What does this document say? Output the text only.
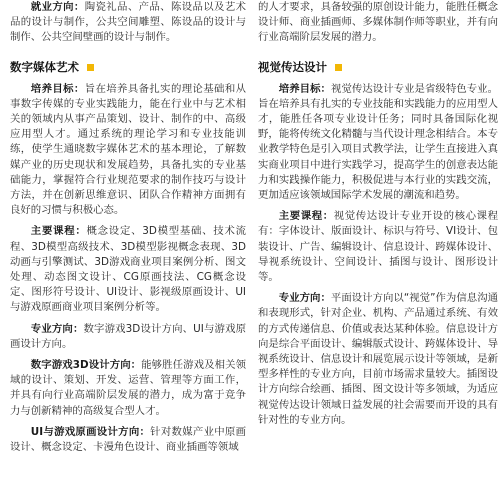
就业方向：陶瓷礼品、产品、陈设品以及艺术品的设计与制作，公共空间雕塑、陈设品的设计与制作、公共空间壁画的设计与制作。

数字媒体艺术

培养目标：旨在培养具备扎实的理论基础和从事数字传媒的专业实践能力，能在行业中与艺术相关的领域内从事产品策划、设计、制作的中、高级应用型人才。通过系统的理论学习和专业技能训练，使学生通晓数字媒体艺术的基本理论，了解数媒产业的历史现状和发展趋势，具备扎实的专业基础能力，掌握符合行业规范要求的制作技巧与设计方法，并在创新思维意识、团队合作精神方面拥有良好的习惯与积极心态。

主要课程：概念设定、3D模型基础、技术流程、3D模型高级技术、3D模型影视概念表现、3D动画与引擎测试、3D游戏商业项目案例分析、图文处理、动态图文设计、CG原画技法、CG概念设定、图形符号设计、UI设计、影视级原画设计、UI与游戏原画商业项目案例分析等。

专业方向：数字游戏3D设计方向、UI与游戏原画设计方向。

数字游戏3D设计方向：能够胜任游戏及相关领域的设计、策划、开发、运营、管理等方面工作，并具有向行业高端阶层发展的潜力，成为富于竞争力与创新精神的高级复合型人才。

UI与游戏原画设计方向：针对数媒产业中原画设计、概念设定、卡漫角色设计、商业插画等领域

的人才要求，具备较强的原创设计能力，能胜任概念设计师、商业插画师、多媒体制作师等职业，并有向行业高端阶层发展的潜力。

视觉传达设计

培养目标：视觉传达设计专业是省级特色专业。旨在培养具有扎实的专业技能和实践能力的应用型人才，能胜任各项专业设计任务；同时具备国际化视野，能将传统文化精髓与当代设计理念相结合。本专业教学特色是引入项目式教学法，让学生直接进入真实商业项目中进行实践学习，提高学生的创意表达能力和实践操作能力，积极促进与本行业的实践交流，更加适应该领域国际学术发展的潮流和趋势。

主要课程：视觉传达设计专业开设的核心课程有：字体设计、版面设计、标识与符号、VI设计、包装设计、广告、编辑设计、信息设计、跨媒体设计、导视系统设计、空间设计、插图与设计、图形设计等。

专业方向：平面设计方向以“视觉”作为信息沟通和表现形式，针对企业、机构、产品通过系统、有效的方式传递信息、价值或表达某种体验。信息设计方向是综合平面设计、编辑版式设计、跨媒体设计、导视系统设计、信息设计和展览展示设计等领域，是新型多样性的专业方向，目前市场需求量较大。插图设计方向综合绘画、插图、图文设计等多领域，为适应视觉传达设计领域日益发展的社会需要而开设的具有针对性的专业方向。
